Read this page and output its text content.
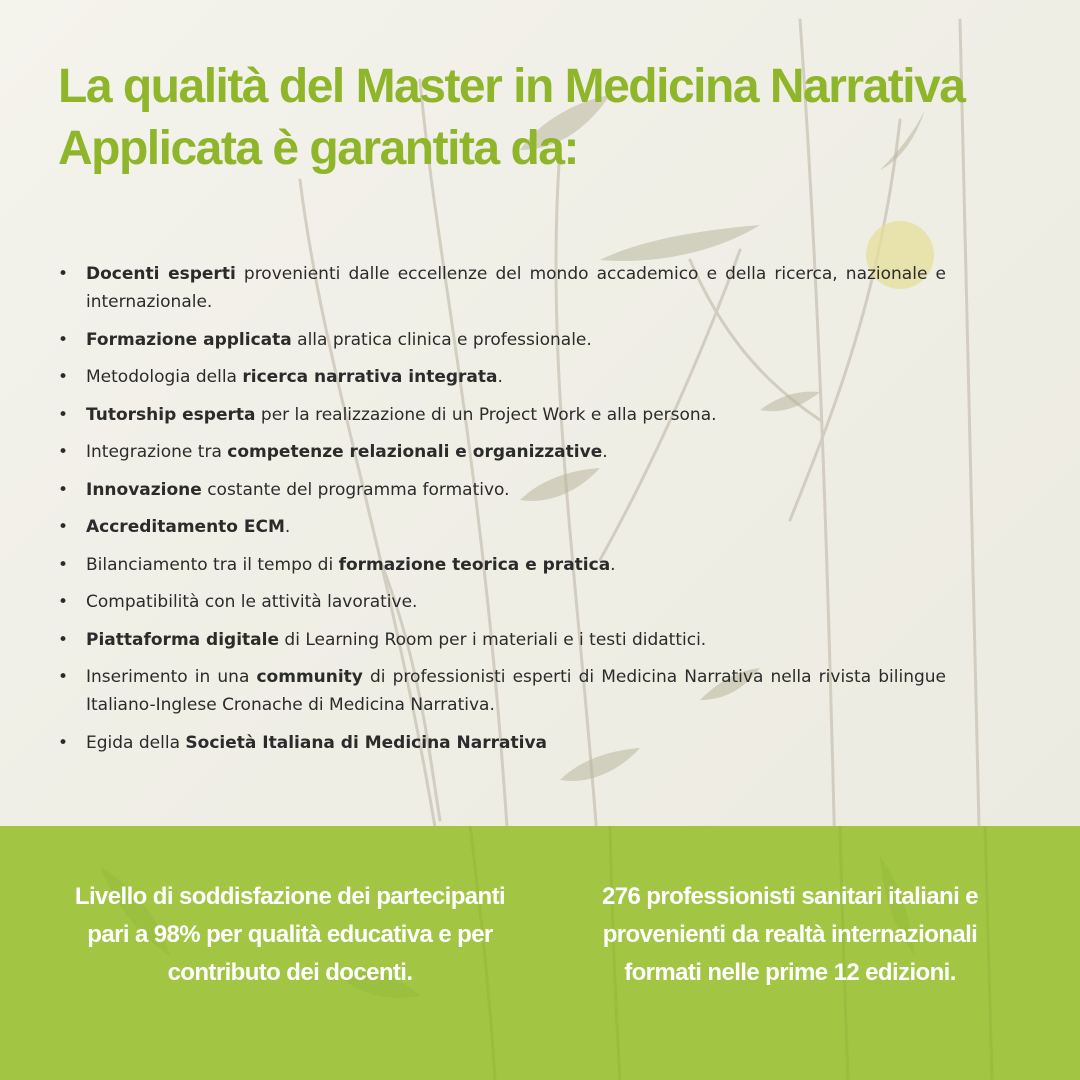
La qualità del Master in Medicina Narrativa
Applicata è garantita da:
• Docenti esperti provenienti dalle eccellenze del mondo accademico e della ricerca, nazionale e internazionale.
• Formazione applicata alla pratica clinica e professionale.
• Metodologia della ricerca narrativa integrata.
• Tutorship esperta per la realizzazione di un Project Work e alla persona.
• Integrazione tra competenze relazionali e organizzative.
• Innovazione costante del programma formativo.
• Accreditamento ECM.
• Bilanciamento tra il tempo di formazione teorica e pratica.
• Compatibilità con le attività lavorative.
• Piattaforma digitale di Learning Room per i materiali e i testi didattici.
• Inserimento in una community di professionisti esperti di Medicina Narrativa nella rivista bilingue Italiano-Inglese Cronache di Medicina Narrativa.
• Egida della Società Italiana di Medicina Narrativa

Livello di soddisfazione dei partecipanti pari a 98% per qualità educativa e per contributo dei docenti.

276 professionisti sanitari italiani e provenienti da realtà internazionali formati nelle prime 12 edizioni.
